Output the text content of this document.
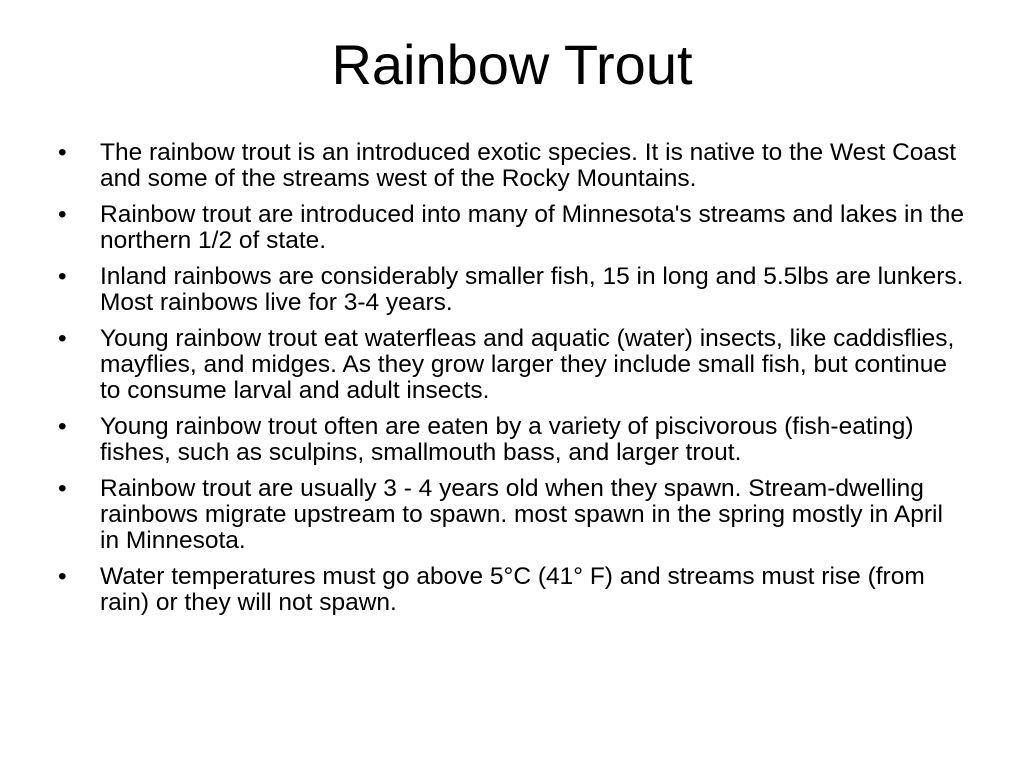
Rainbow Trout
•	The rainbow trout is an introduced exotic species. It is native to the West Coast and some of the streams west of the Rocky Mountains.
•	Rainbow trout are introduced into many of Minnesota's streams and lakes in the northern 1/2 of state.
•	Inland rainbows are considerably smaller fish, 15 in long and 5.5lbs are lunkers. Most rainbows live for 3-4 years.
•	Young rainbow trout eat waterfleas and aquatic (water) insects, like caddisflies, mayflies, and midges. As they grow larger they include small fish, but continue to consume larval and adult insects.
•	Young rainbow trout often are eaten by a variety of piscivorous (fish-eating) fishes, such as sculpins, smallmouth bass, and larger trout.
•	Rainbow trout are usually 3 - 4 years old when they spawn. Stream-dwelling rainbows migrate upstream to spawn. most spawn in the spring mostly in April in Minnesota.
•	Water temperatures must go above 5°C (41° F) and streams must rise (from rain) or they will not spawn.
